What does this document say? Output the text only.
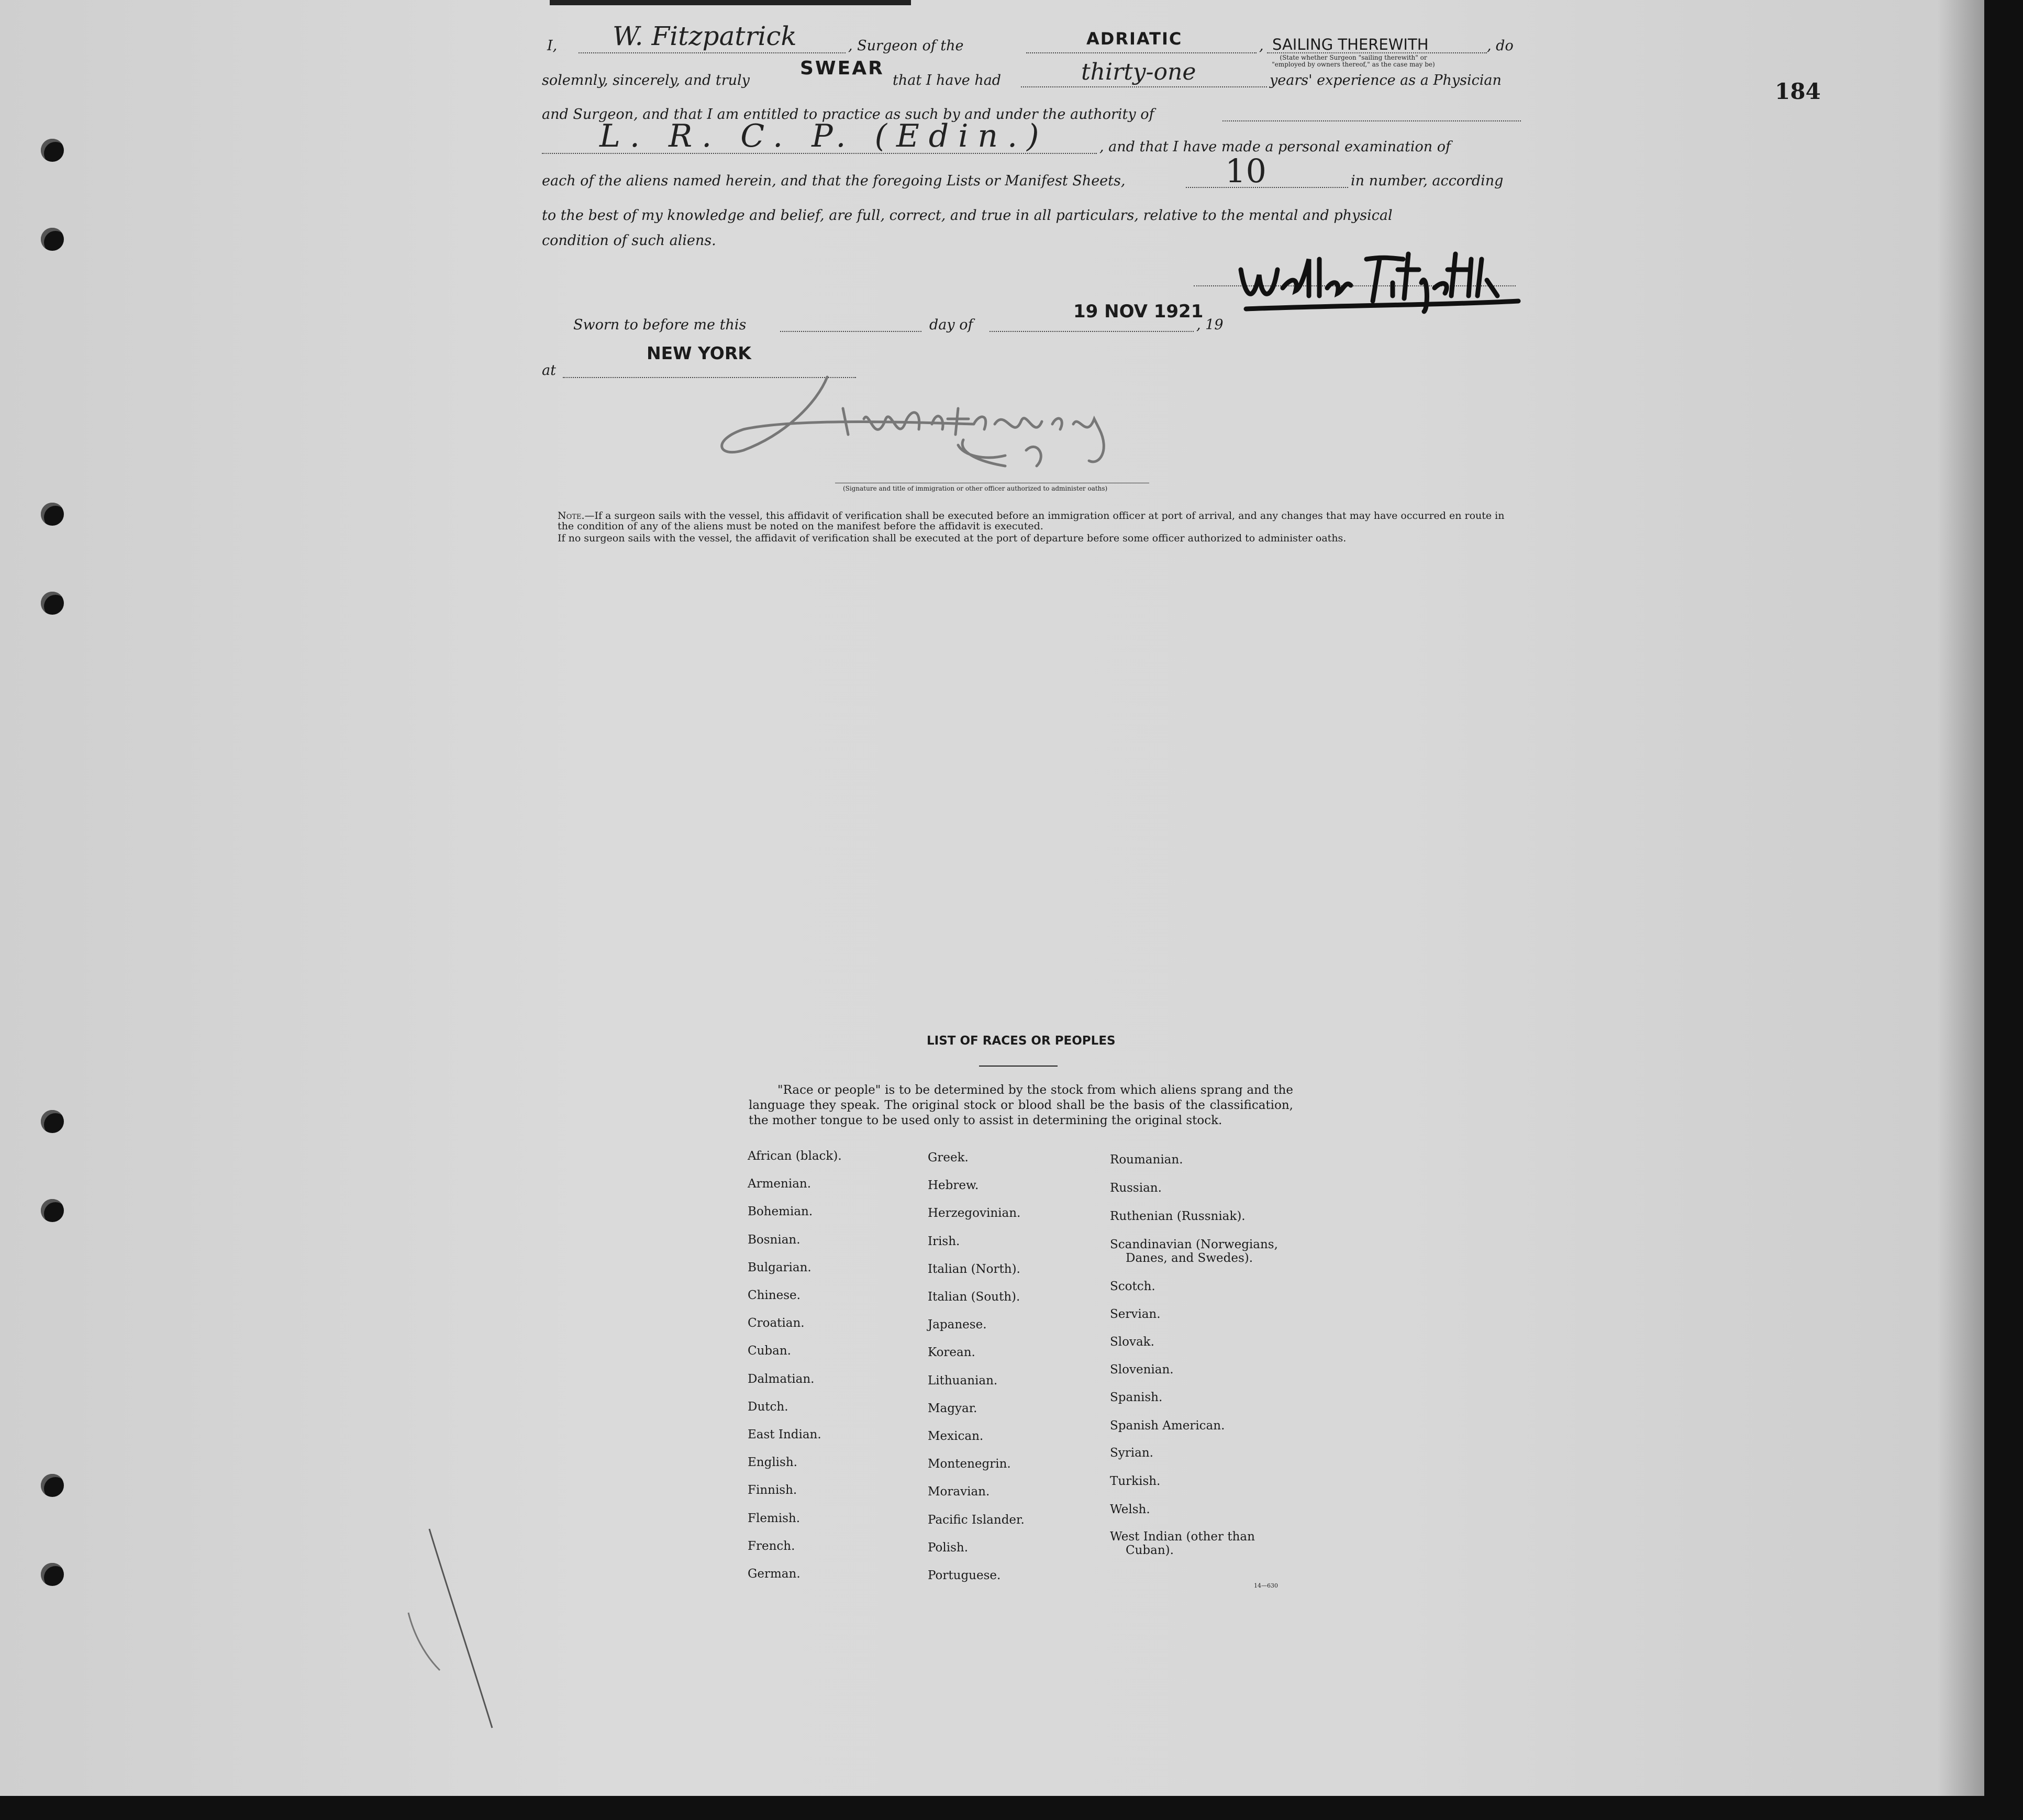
184
I, W. Fitzpatrick	, Surgeon of the	ADRIATIC	, SAILING THEREWITH
(State whether Surgeon "sailing therewith" or "employed by owners thereof," as the case may be)
, do
solemnly, sincerely, and truly
SWEAR
that I have had	thirty-one	years' experience as a Physician
and Surgeon, and that I am entitled to practice as such by and under the authority of
L. R. C. P. (Edin.)	, and that I have made a personal examination of
each of the aliens named herein, and that the foregoing Lists or Manifest Sheets,	10	in number, according
to the best of my knowledge and belief, are full, correct, and true in all particulars, relative to the mental and physical
condition of such aliens.
Sworn to before me this	day of
19 NOV 1921
, 19
NEW YORK
at
(Signature and title of immigration or other officer authorized to administer oaths)
Note.—If a surgeon sails with the vessel, this affidavit of verification shall be executed before an immigration officer at port of arrival, and any changes that may have occurred en route in
the condition of any of the aliens must be noted on the manifest before the affidavit is executed.
If no surgeon sails with the vessel, the affidavit of verification shall be executed at the port of departure before some officer authorized to administer oaths.
LIST OF RACES OR PEOPLES
"Race or people" is to be determined by the stock from which aliens sprang and the language they speak. The original stock or blood shall be the basis of the classification, the mother tongue to be used only to assist in determining the original stock.
African (black).
Armenian.
Bohemian.
Bosnian.
Bulgarian.
Chinese.
Croatian.
Cuban.
Dalmatian.
Dutch.
East Indian.
English.
Finnish.
Flemish.
French.
German.
Greek.
Hebrew.
Herzegovinian.
Irish.
Italian (North).
Italian (South).
Japanese.
Korean.
Lithuanian.
Magyar.
Mexican.
Montenegrin.
Moravian.
Pacific Islander.
Polish.
Portuguese.
Roumanian.
Russian.
Ruthenian (Russniak).
Scandinavian (Norwegians,
Danes, and Swedes).
Scotch.
Servian.
Slovak.
Slovenian.
Spanish.
Spanish American.
Syrian.
Turkish.
Welsh.
West Indian (other than
Cuban).
14—630
